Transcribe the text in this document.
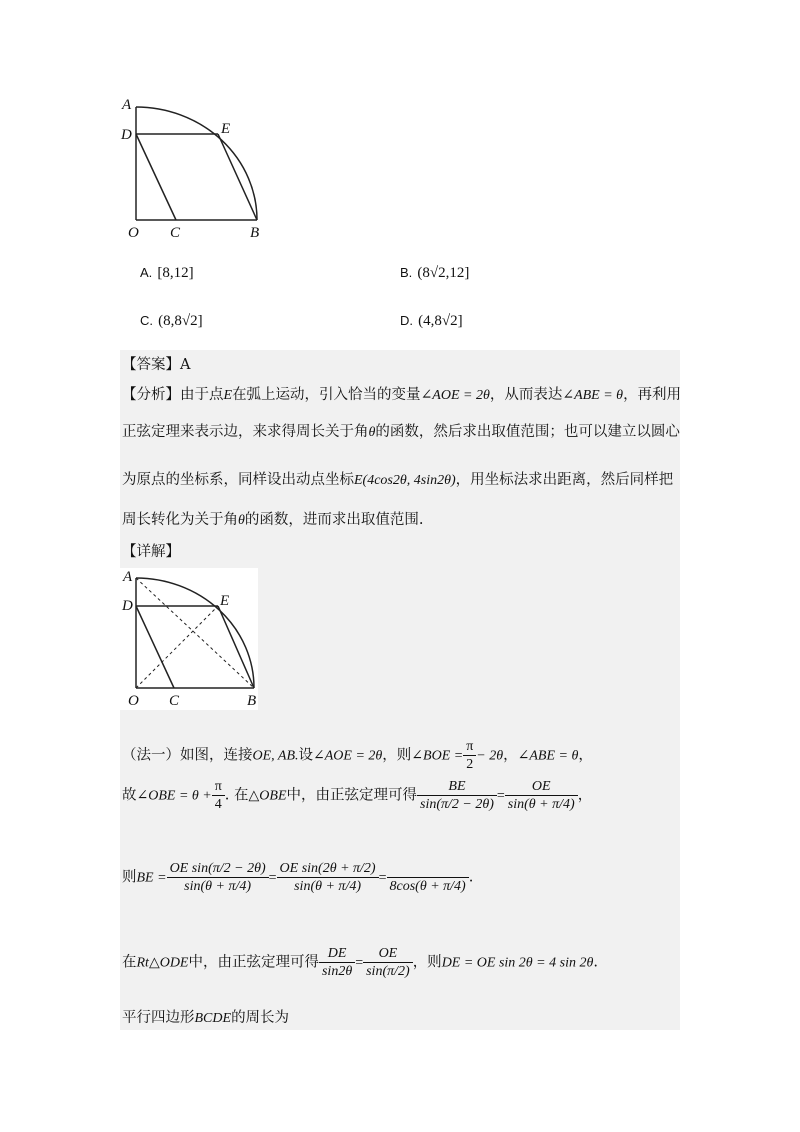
A
D	E
O C	B
A. [8,12]	B. (8√2,12]
C. (8,8√2]	D. (4,8√2]
【答案】A
【分析】由于点E在弧上运动，引入恰当的变量∠AOE = 2θ，从而表达∠ABE = θ，再利用
正弦定理来表示边，来求得周长关于角θ的函数，然后求出取值范围；也可以建立以圆心
为原点的坐标系，同样设出动点坐标E(4cos2θ, 4sin2θ)，用坐标法求出距离，然后同样把
周长转化为关于角θ的函数，进而求出取值范围.
【详解】
A
D	E
O C	B
（法一）如图，连接OE, AB.设∠AOE = 2θ，则∠BOE = $\frac{\pi}{2} - 2\theta$，∠ABE = θ，
故∠OBE = $\theta + \frac{\pi}{4}$ . 在△OBE中，由正弦定理可得 $\frac{BE}{\sin(\pi/2 - 2\theta)} = \frac{OE}{\sin(\theta + \pi/4)}$ ，
则BE = $\frac{\text{OE sin(π/2 − 2θ)}}{\sin(\theta + \pi/4)} = \frac{\text{OE sin(2θ + π/2)}}{\sin(\theta + \pi/4)}$ =
8cos(θ + π/4)
.
在Rt△ODE中，由正弦定理可得 $\frac{DE}{\sin 2\theta} = \frac{OE}{\sin(\pi/2)}$ ，则DE = OE sin 2θ = 4 sin 2θ.
平行四边形BCDE的周长为
